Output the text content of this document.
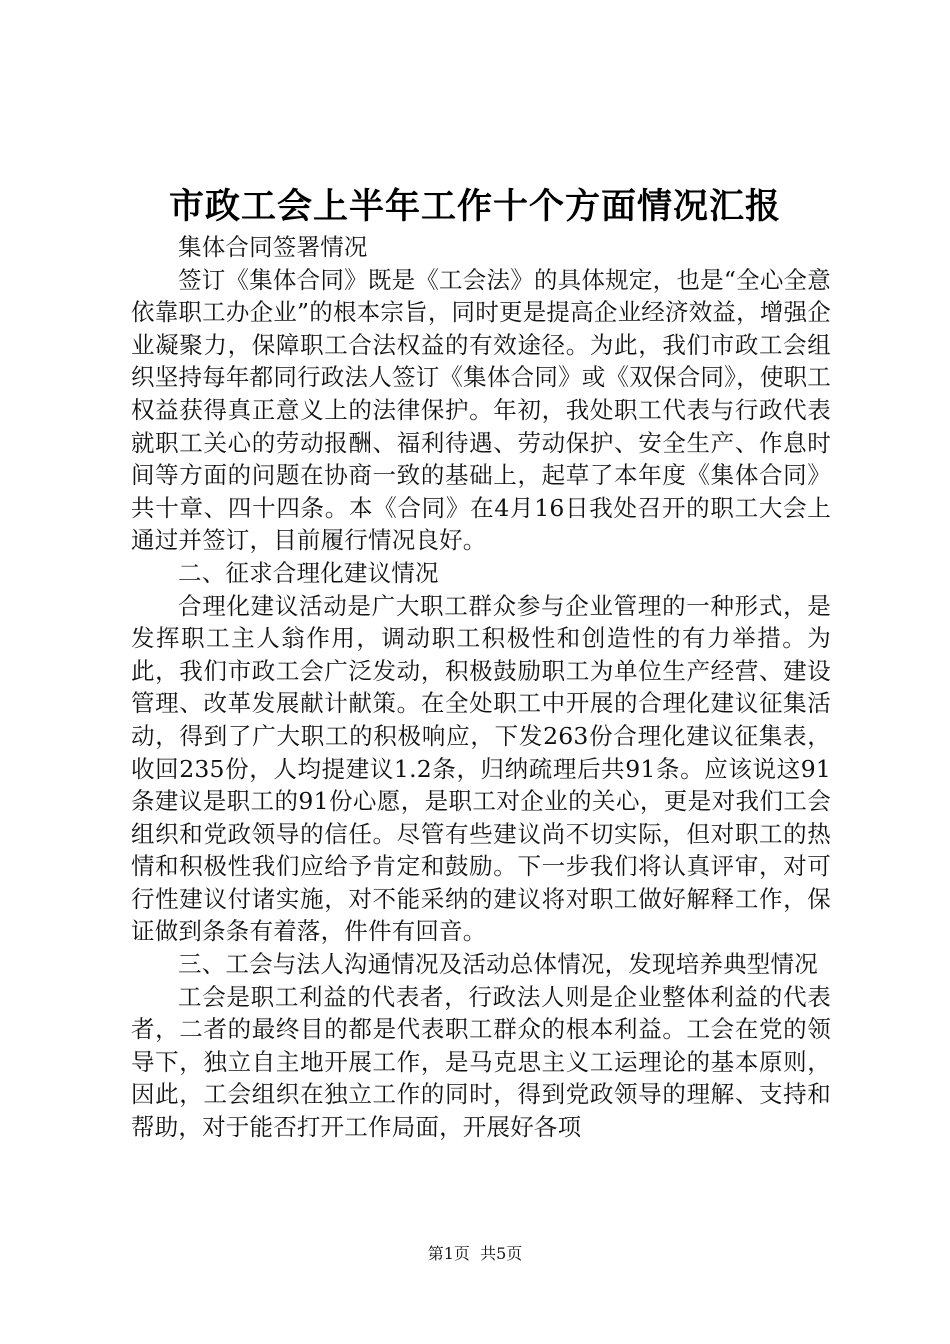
市政工会上半年工作十个方面情况汇报

集体合同签署情况

签订《集体合同》既是《工会法》的具体规定，也是“全心全意依靠职工办企业”的根本宗旨，同时更是提高企业经济效益，增强企业凝聚力，保障职工合法权益的有效途径。为此，我们市政工会组织坚持每年都同行政法人签订《集体合同》或《双保合同》，使职工权益获得真正意义上的法律保护。年初，我处职工代表与行政代表就职工关心的劳动报酬、福利待遇、劳动保护、安全生产、作息时间等方面的问题在协商一致的基础上，起草了本年度《集体合同》共十章、四十四条。本《合同》在4月16日我处召开的职工大会上通过并签订，目前履行情况良好。

二、征求合理化建议情况

合理化建议活动是广大职工群众参与企业管理的一种形式，是发挥职工主人翁作用，调动职工积极性和创造性的有力举措。为此，我们市政工会广泛发动，积极鼓励职工为单位生产经营、建设管理、改革发展献计献策。在全处职工中开展的合理化建议征集活动，得到了广大职工的积极响应，下发263份合理化建议征集表，收回235份，人均提建议1.2条，归纳疏理后共91条。应该说这91条建议是职工的91份心愿，是职工对企业的关心，更是对我们工会组织和党政领导的信任。尽管有些建议尚不切实际，但对职工的热情和积极性我们应给予肯定和鼓励。下一步我们将认真评审，对可行性建议付诸实施，对不能采纳的建议将对职工做好解释工作，保证做到条条有着落，件件有回音。

三、工会与法人沟通情况及活动总体情况，发现培养典型情况

工会是职工利益的代表者，行政法人则是企业整体利益的代表者，二者的最终目的都是代表职工群众的根本利益。工会在党的领导下，独立自主地开展工作，是马克思主义工运理论的基本原则，因此，工会组织在独立工作的同时，得到党政领导的理解、支持和帮助，对于能否打开工作局面，开展好各项

第1页 共5页
